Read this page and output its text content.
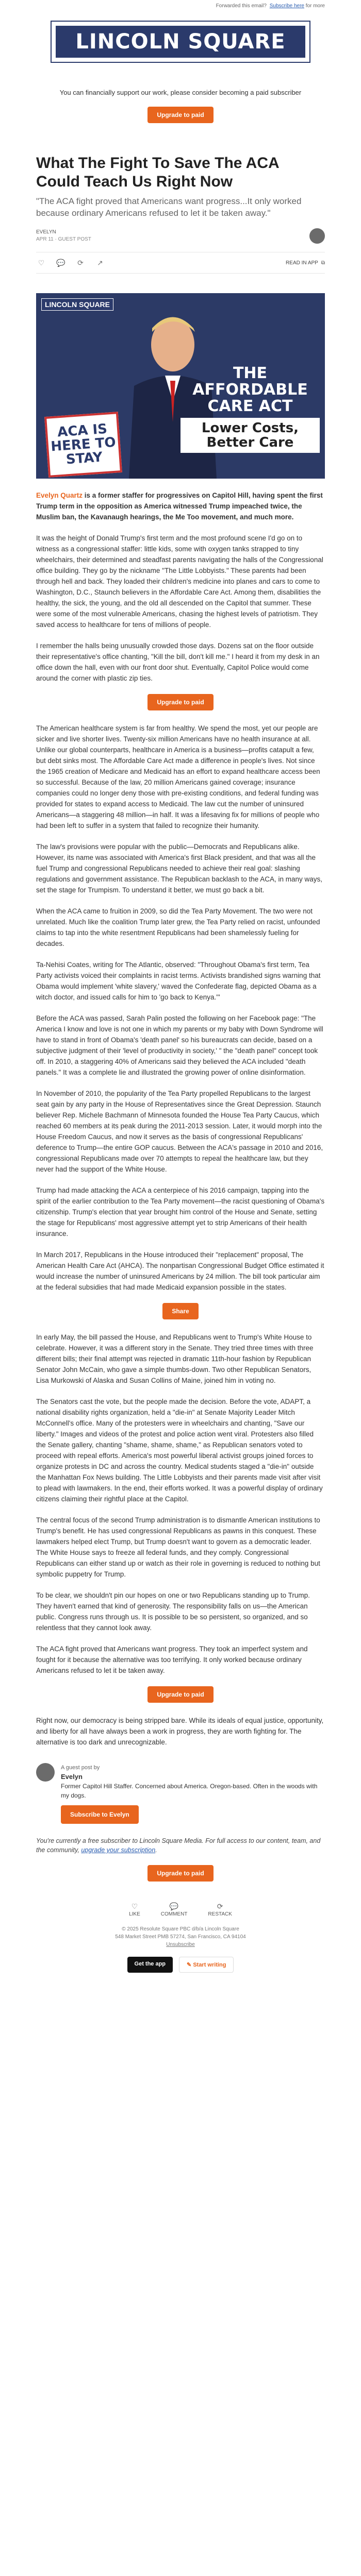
Forwarded this email?
Subscribe here
for more
LINCOLN SQUARE
You can financially support our work, please consider becoming a paid subscriber
Upgrade to paid
What The Fight To Save The ACA Could Teach Us Right Now

"The ACA fight proved that Americans want progress...It only worked because ordinary Americans refused to let it be taken away."

EVELYN
APR 11 · GUEST POST
♡ 💬 ⟳ ↗	READ IN APP ⧉
LINCOLN SQUARE
ACA IS HERE TO STAY
THE AFFORDABLE CARE ACT
Lower Costs, Better Care

Evelyn Quartz is a former staffer for progressives on Capitol Hill, having spent the first Trump term in the opposition as America witnessed Trump impeached twice, the Muslim ban, the Kavanaugh hearings, the Me Too movement, and much more.

It was the height of Donald Trump's first term and the most profound scene I'd go on to witness as a congressional staffer: little kids, some with oxygen tanks strapped to tiny wheelchairs, their determined and steadfast parents navigating the halls of the Congressional office building. They go by the nickname "The Little Lobbyists." These parents had been through hell and back. They loaded their children's medicine into planes and cars to come to Washington, D.C., Staunch believers in the Affordable Care Act. Among them, disabilities the healthy, the sick, the young, and the old all descended on the Capitol that summer. These were some of the most vulnerable Americans, chasing the highest levels of patriotism. They saved access to healthcare for tens of millions of people.

I remember the halls being unusually crowded those days. Dozens sat on the floor outside their representative's office chanting, "Kill the bill, don't kill me." I heard it from my desk in an office down the hall, even with our front door shut. Eventually, Capitol Police would come around the corner with plastic zip ties.

Upgrade to paid

The American healthcare system is far from healthy. We spend the most, yet our people are sicker and live shorter lives. Twenty-six million Americans have no health insurance at all. Unlike our global counterparts, healthcare in America is a business—profits catapult a few, but debt sinks most. The Affordable Care Act made a difference in people's lives. Not since the 1965 creation of Medicare and Medicaid has an effort to expand healthcare access been so successful. Because of the law, 20 million Americans gained coverage; insurance companies could no longer deny those with pre-existing conditions, and federal funding was provided for states to expand access to Medicaid. The law cut the number of uninsured Americans—a staggering 48 million—in half. It was a lifesaving fix for millions of people who had been left to suffer in a system that failed to recognize their humanity.

The law's provisions were popular with the public—Democrats and Republicans alike. However, its name was associated with America's first Black president, and that was all the fuel Trump and congressional Republicans needed to achieve their real goal: slashing regulations and government assistance. The Republican backlash to the ACA, in many ways, set the stage for Trumpism. To understand it better, we must go back a bit.

When the ACA came to fruition in 2009, so did the Tea Party Movement. The two were not unrelated. Much like the coalition Trump later grew, the Tea Party relied on racist, unfounded claims to tap into the white resentment Republicans had been shamelessly fueling for decades.

Ta-Nehisi Coates, writing for The Atlantic, observed: "Throughout Obama's first term, Tea Party activists voiced their complaints in racist terms. Activists brandished signs warning that Obama would implement 'white slavery,' waved the Confederate flag, depicted Obama as a witch doctor, and issued calls for him to 'go back to Kenya.'"

Before the ACA was passed, Sarah Palin posted the following on her Facebook page: "The America I know and love is not one in which my parents or my baby with Down Syndrome will have to stand in front of Obama's 'death panel' so his bureaucrats can decide, based on a subjective judgment of their 'level of productivity in society,' " the "death panel" concept took off. In 2010, a staggering 40% of Americans said they believed the ACA included "death panels." It was a complete lie and illustrated the growing power of online disinformation.

In November of 2010, the popularity of the Tea Party propelled Republicans to the largest seat gain by any party in the House of Representatives since the Great Depression. Staunch believer Rep. Michele Bachmann of Minnesota founded the House Tea Party Caucus, which reached 60 members at its peak during the 2011-2013 session. Later, it would morph into the House Freedom Caucus, and now it serves as the basis of congressional Republicans' deference to Trump—the entire GOP caucus. Between the ACA's passage in 2010 and 2016, congressional Republicans made over 70 attempts to repeal the healthcare law, but they never had the support of the White House.

Trump had made attacking the ACA a centerpiece of his 2016 campaign, tapping into the spirit of the earlier contribution to the Tea Party movement—the racist questioning of Obama's citizenship. Trump's election that year brought him control of the House and Senate, setting the stage for Republicans' most aggressive attempt yet to strip Americans of their health insurance.

In March 2017, Republicans in the House introduced their "replacement" proposal, The American Health Care Act (AHCA). The nonpartisan Congressional Budget Office estimated it would increase the number of uninsured Americans by 24 million. The bill took particular aim at the federal subsidies that had made Medicaid expansion possible in the states.

Share

In early May, the bill passed the House, and Republicans went to Trump's White House to celebrate. However, it was a different story in the Senate. They tried three times with three different bills; their final attempt was rejected in dramatic 11th-hour fashion by Republican Senator John McCain, who gave a simple thumbs-down. Two other Republican Senators, Lisa Murkowski of Alaska and Susan Collins of Maine, joined him in voting no.

The Senators cast the vote, but the people made the decision. Before the vote, ADAPT, a national disability rights organization, held a "die-in" at Senate Majority Leader Mitch McConnell's office. Many of the protesters were in wheelchairs and chanting, "Save our liberty." Images and videos of the protest and police action went viral. Protesters also filled the Senate gallery, chanting "shame, shame, shame," as Republican senators voted to proceed with repeal efforts. America's most powerful liberal activist groups joined forces to organize protests in DC and across the country. Medical students staged a "die-in" outside the Manhattan Fox News building. The Little Lobbyists and their parents made visit after visit to plead with lawmakers. In the end, their efforts worked. It was a powerful display of ordinary citizens claiming their rightful place at the Capitol.

The central focus of the second Trump administration is to dismantle American institutions to Trump's benefit. He has used congressional Republicans as pawns in this conquest. These lawmakers helped elect Trump, but Trump doesn't want to govern as a democratic leader. The White House says to freeze all federal funds, and they comply. Congressional Republicans can either stand up or watch as their role in governing is reduced to nothing but symbolic puppetry for Trump.

To be clear, we shouldn't pin our hopes on one or two Republicans standing up to Trump. They haven't earned that kind of generosity. The responsibility falls on us—the American public. Congress runs through us. It is possible to be so persistent, so organized, and so relentless that they cannot look away.

The ACA fight proved that Americans want progress. They took an imperfect system and fought for it because the alternative was too terrifying. It only worked because ordinary Americans refused to let it be taken away.

Upgrade to paid

Right now, our democracy is being stripped bare. While its ideals of equal justice, opportunity, and liberty for all have always been a work in progress, they are worth fighting for. The alternative is too dark and unrecognizable.

A guest post by
Evelyn
Former Capitol Hill Staffer. Concerned about America. Oregon-based. Often in the woods with my dogs.
Subscribe to Evelyn
You're currently a free subscriber to Lincoln Square Media. For full access to our content, team, and the community, upgrade your subscription.
Upgrade to paid
♡
LIKE
💬
COMMENT
⟳
RESTACK
© 2025 Resolute Square PBC d/b/a Lincoln Square
548 Market Street PMB 57274, San Francisco, CA 94104
Unsubscribe
Get the app	✎ Start writing
